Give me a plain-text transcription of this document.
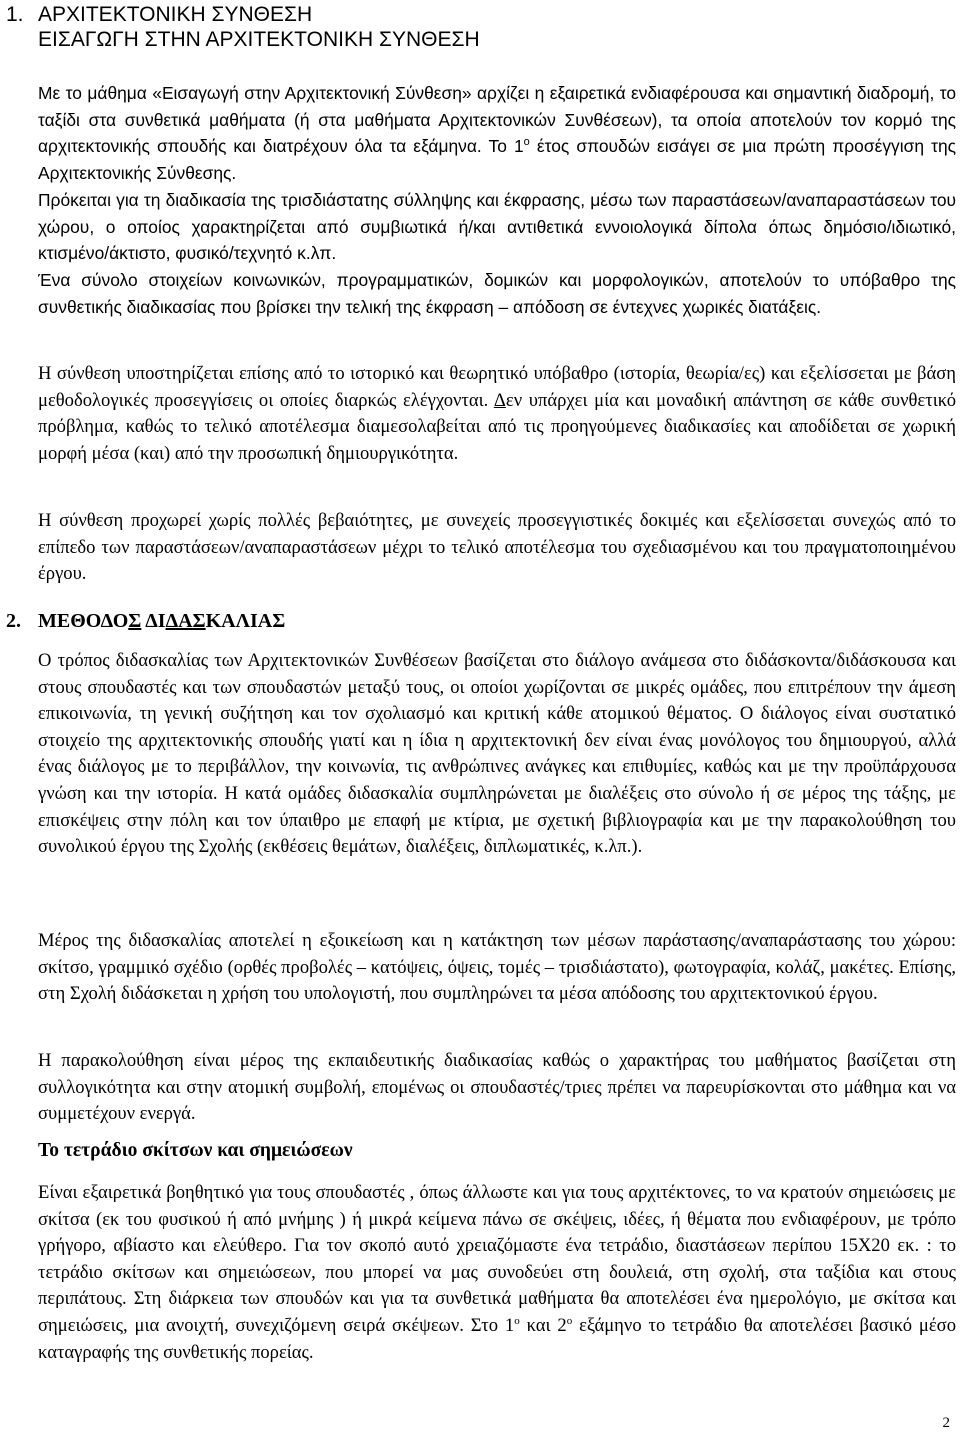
1. ΑΡΧΙΤΕΚΤΟΝΙΚΗ ΣΥΝΘΕΣΗ
ΕΙΣΑΓΩΓΗ ΣΤΗΝ ΑΡΧΙΤΕΚΤΟΝΙΚΗ ΣΥΝΘΕΣΗ

Με το μάθημα «Εισαγωγή στην Αρχιτεκτονική Σύνθεση» αρχίζει η εξαιρετικά ενδιαφέρουσα και σημαντική διαδρομή, το ταξίδι στα συνθετικά μαθήματα (ή στα μαθήματα Αρχιτεκτονικών Συνθέσεων), τα οποία αποτελούν τον κορμό της αρχιτεκτονικής σπουδής και διατρέχουν όλα τα εξάμηνα. Το $1^o$ έτος σπουδών εισάγει σε μια πρώτη προσέγγιση της Αρχιτεκτονικής Σύνθεσης.

Πρόκειται για τη διαδικασία της τρισδιάστατης σύλληψης και έκφρασης, μέσω των παραστάσεων/αναπαραστάσεων του χώρου, ο οποίος χαρακτηρίζεται από συμβιωτικά ή/και αντιθετικά εννοιολογικά δίπολα όπως δημόσιο/ιδιωτικό, κτισμένο/άκτιστο, φυσικό/τεχνητό κ.λπ.

Ένα σύνολο στοιχείων κοινωνικών, προγραμματικών, δομικών και μορφολογικών, αποτελούν το υπόβαθρο της συνθετικής διαδικασίας που βρίσκει την τελική της έκφραση – απόδοση σε έντεχνες χωρικές διατάξεις.

Η σύνθεση υποστηρίζεται επίσης από το ιστορικό και θεωρητικό υπόβαθρο (ιστορία, θεωρία/ες) και εξελίσσεται με βάση μεθοδολογικές προσεγγίσεις οι οποίες διαρκώς ελέγχονται. Δεν υπάρχει μία και μοναδική απάντηση σε κάθε συνθετικό πρόβλημα, καθώς το τελικό αποτέλεσμα διαμεσολαβείται από τις προηγούμενες διαδικασίες και αποδίδεται σε χωρική μορφή μέσα (και) από την προσωπική δημιουργικότητα.

Η σύνθεση προχωρεί χωρίς πολλές βεβαιότητες, με συνεχείς προσεγγιστικές δοκιμές και εξελίσσεται συνεχώς από το επίπεδο των παραστάσεων/αναπαραστάσεων μέχρι το τελικό αποτέλεσμα του σχεδιασμένου και του πραγματοποιημένου έργου.

2. ΜΕΘΟΔΟΣ ΔΙΔΑΣΚΑΛΙΑΣ

Ο τρόπος διδασκαλίας των Αρχιτεκτονικών Συνθέσεων βασίζεται στο διάλογο ανάμεσα στο διδάσκοντα/διδάσκουσα και στους σπουδαστές και των σπουδαστών μεταξύ τους, οι οποίοι χωρίζονται σε μικρές ομάδες, που επιτρέπουν την άμεση επικοινωνία, τη γενική συζήτηση και τον σχολιασμό και κριτική κάθε ατομικού θέματος. Ο διάλογος είναι συστατικό στοιχείο της αρχιτεκτονικής σπουδής γιατί και η ίδια η αρχιτεκτονική δεν είναι ένας μονόλογος του δημιουργού, αλλά ένας διάλογος με το περιβάλλον, την κοινωνία, τις ανθρώπινες ανάγκες και επιθυμίες, καθώς και με την προϋπάρχουσα γνώση και την ιστορία. Η κατά ομάδες διδασκαλία συμπληρώνεται με διαλέξεις στο σύνολο ή σε μέρος της τάξης, με επισκέψεις στην πόλη και τον ύπαιθρο με επαφή με κτίρια, με σχετική βιβλιογραφία και με την παρακολούθηση του συνολικού έργου της Σχολής (εκθέσεις θεμάτων, διαλέξεις, διπλωματικές, κ.λπ.).

Μέρος της διδασκαλίας αποτελεί η εξοικείωση και η κατάκτηση των μέσων παράστασης/αναπαράστασης του χώρου: σκίτσο, γραμμικό σχέδιο (ορθές προβολές – κατόψεις, όψεις, τομές – τρισδιάστατο), φωτογραφία, κολάζ, μακέτες. Επίσης, στη Σχολή διδάσκεται η χρήση του υπολογιστή, που συμπληρώνει τα μέσα απόδοσης του αρχιτεκτονικού έργου.

Η παρακολούθηση είναι μέρος της εκπαιδευτικής διαδικασίας καθώς ο χαρακτήρας του μαθήματος βασίζεται στη συλλογικότητα και στην ατομική συμβολή, επομένως οι σπουδαστές/τριες πρέπει να παρευρίσκονται στο μάθημα και να συμμετέχουν ενεργά.

Το τετράδιο σκίτσων και σημειώσεων

Είναι εξαιρετικά βοηθητικό για τους σπουδαστές , όπως άλλωστε και για τους αρχιτέκτονες, το να κρατούν σημειώσεις με σκίτσα (εκ του φυσικού ή από μνήμης ) ή μικρά κείμενα πάνω σε σκέψεις, ιδέες, ή θέματα που ενδιαφέρουν, με τρόπο γρήγορο, αβίαστο και ελεύθερο. Για τον σκοπό αυτό χρειαζόμαστε ένα τετράδιο, διαστάσεων περίπου 15Χ20 εκ. : το τετράδιο σκίτσων και σημειώσεων, που μπορεί να μας συνοδεύει στη δουλειά, στη σχολή, στα ταξίδια και στους περιπάτους. Στη διάρκεια των σπουδών και για τα συνθετικά μαθήματα θα αποτελέσει ένα ημερολόγιο, με σκίτσα και σημειώσεις, μια ανοιχτή, συνεχιζόμενη σειρά σκέψεων. Στο $1^o$ και $2^o$ εξάμηνο το τετράδιο θα αποτελέσει βασικό μέσο καταγραφής της συνθετικής πορείας.

2
